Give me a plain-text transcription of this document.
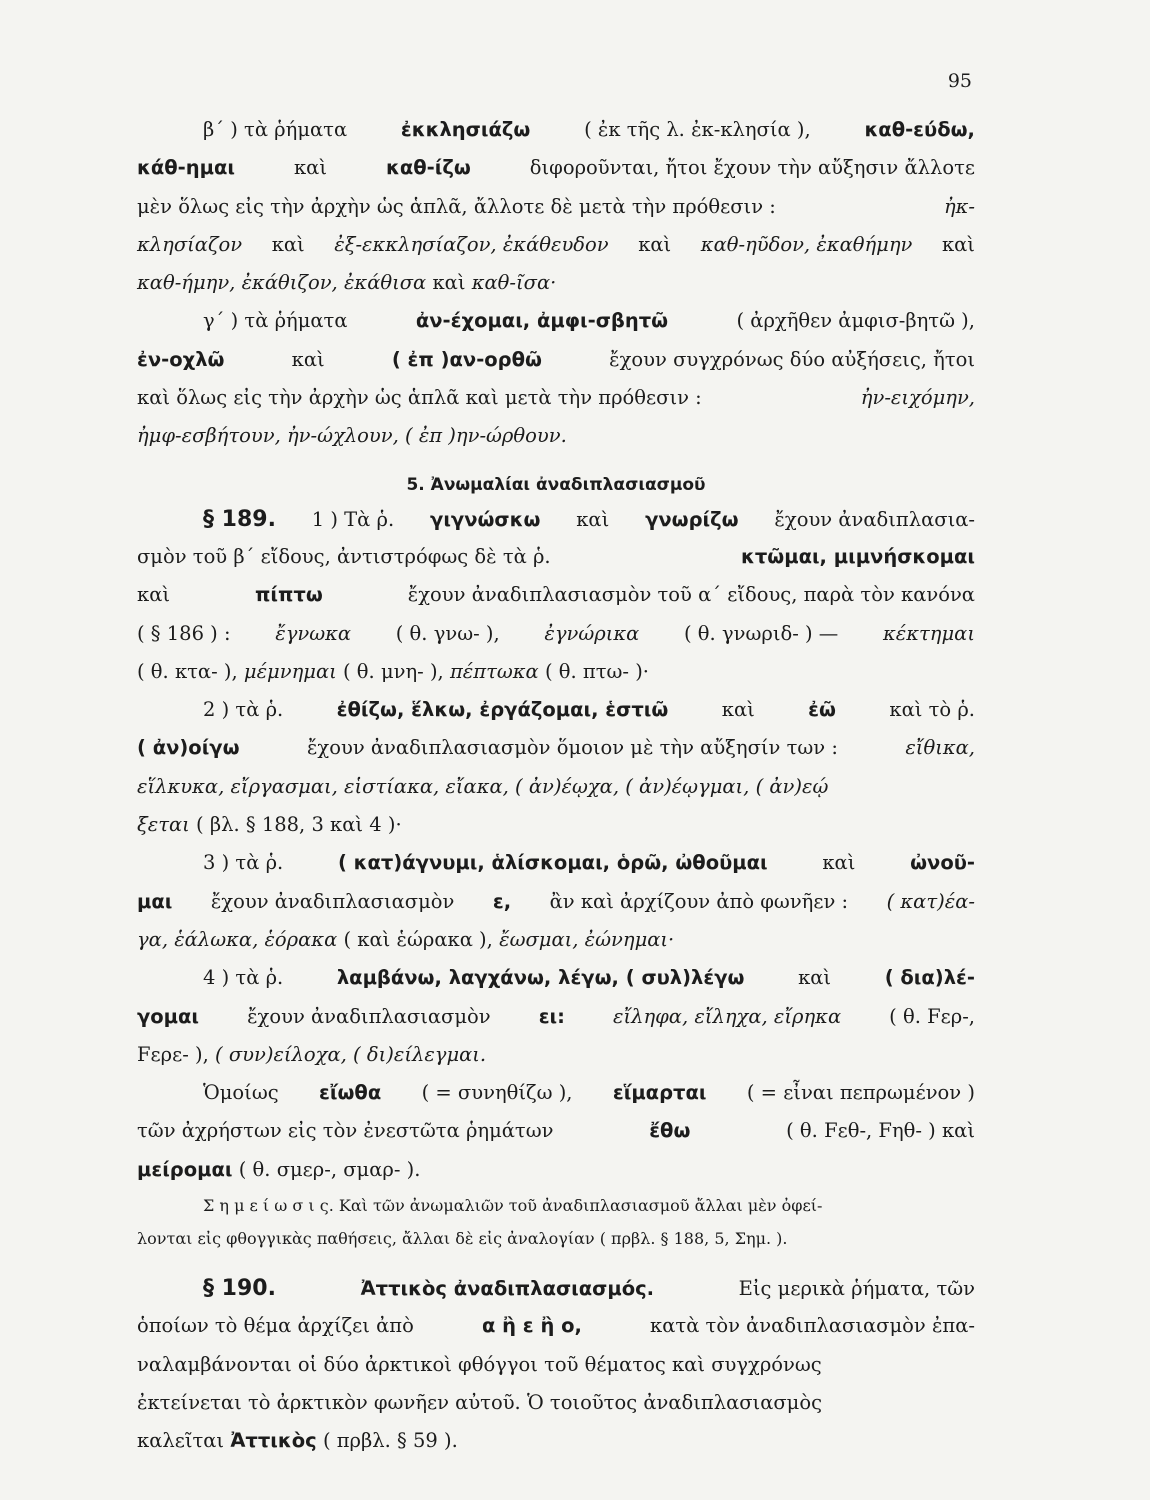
95
β΄ ) τὰ ῥήματα	ἐκκλησιάζω	( ἐκ τῆς λ. ἐκ-κλησία ),	καθ-εύδω,
κάθ-ημαι	καὶ	καθ-ίζω	διφοροῦνται, ἤτοι ἔχουν τὴν αὔξησιν ἄλλοτε
μὲν ὅλως εἰς τὴν ἀρχὴν ὡς ἁπλᾶ, ἄλλοτε δὲ μετὰ τὴν πρόθεσιν :	ἠκ-
κλησίαζον καὶ ἐξ-εκκλησίαζον, ἐκάθευδον καὶ καθ-ηῦδον, ἐκαθήμην καὶ
καθ-ήμην, ἐκάθιζον, ἐκάθισα καὶ καθ-ῖσα·
γ΄ ) τὰ ῥήματα	ἀν-έχομαι, ἀμφι-σβητῶ	( ἀρχῆθεν ἀμφισ-βητῶ ),
ἐν-οχλῶ	καὶ	( ἐπ )αν-ορθῶ	ἔχουν συγχρόνως δύο αὐξήσεις, ἤτοι
καὶ ὅλως εἰς τὴν ἀρχὴν ὡς ἁπλᾶ καὶ μετὰ τὴν πρόθεσιν :	ἠν-ειχόμην,
ἠμφ-εσβήτουν, ἠν-ώχλουν, ( ἐπ )ην-ώρθουν.
5. Ἀνωμαλίαι ἀναδιπλασιασμοῦ
§ 189. 1 ) Τὰ ῥ. γιγνώσκω καὶ γνωρίζω ἔχουν ἀναδιπλασια-
σμὸν τοῦ β΄ εἴδους, ἀντιστρόφως δὲ τὰ ῥ.	κτῶμαι, μιμνήσκομαι
καὶ	πίπτω	ἔχουν ἀναδιπλασιασμὸν τοῦ α΄ εἴδους, παρὰ τὸν κανόνα
( § 186 ) : ἔγνωκα ( θ. γνω- ), ἐγνώρικα ( θ. γνωριδ- ) — κέκτημαι
( θ. κτα- ), μέμνημαι ( θ. μνη- ), πέπτωκα ( θ. πτω- )·
2 ) τὰ ῥ.	ἐθίζω, ἕλκω, ἐργάζομαι, ἑστιῶ	καὶ	ἐῶ	καὶ τὸ ῥ.
( ἀν)οίγω	ἔχουν ἀναδιπλασιασμὸν ὅμοιον μὲ τὴν αὔξησίν των :	εἴθικα,
εἵλκυκα, εἴργασμαι, εἱστίακα, εἴακα, ( ἀν)έῳχα, ( ἀν)έῳγμαι, ( ἀν)εῴ
ξεται ( βλ. § 188, 3 καὶ 4 )·
3 ) τὰ ῥ.	( κατ)άγνυμι, ἁλίσκομαι, ὁρῶ, ὠθοῦμαι	καὶ	ὠνοῦ-
μαι ἔχουν ἀναδιπλασιασμὸν ε, ἂν καὶ ἀρχίζουν ἀπὸ φωνῆεν : ( κατ)έα-
γα, ἑάλωκα, ἑόρακα ( καὶ ἑώρακα ), ἔωσμαι, ἐώνημαι·
4 ) τὰ ῥ.	λαμβάνω, λαγχάνω, λέγω, ( συλ)λέγω	καὶ	( δια)λέ-
γομαι ἔχουν ἀναδιπλασιασμὸν ει: εἴληφα, εἴληχα, εἴρηκα ( θ. Fερ-,
Fερε- ), ( συν)είλοχα, ( δι)είλεγμαι.
Ὁμοίως εἴωθα ( = συνηθίζω ), εἵμαρται ( = εἶναι πεπρωμένον )
τῶν ἀχρήστων εἰς τὸν ἐνεστῶτα ῥημάτων	ἔθω	( θ. Fεθ-, Fηθ- ) καὶ
μείρομαι ( θ. σμερ-, σμαρ- ).
Σ η μ ε ί ω σ ι ς. Καὶ τῶν ἀνωμαλιῶν τοῦ ἀναδιπλασιασμοῦ ἄλλαι μὲν ὀφεί-
λονται εἰς φθογγικὰς παθήσεις, ἄλλαι δὲ εἰς ἀναλογίαν ( πρβλ. § 188, 5, Σημ. ).
§ 190.	Ἀττικὸς ἀναδιπλασιασμός.	Εἰς μερικὰ ῥήματα, τῶν
ὁποίων τὸ θέμα ἀρχίζει ἀπὸ	α ἢ ε ἢ ο,	κατὰ τὸν ἀναδιπλασιασμὸν ἐπα-
ναλαμβάνονται οἱ δύο ἀρκτικοὶ φθόγγοι τοῦ θέματος καὶ συγχρόνως
ἐκτείνεται τὸ ἀρκτικὸν φωνῆεν αὐτοῦ. Ὁ τοιοῦτος ἀναδιπλασιασμὸς
καλεῖται Ἀττικὸς ( πρβλ. § 59 ).
